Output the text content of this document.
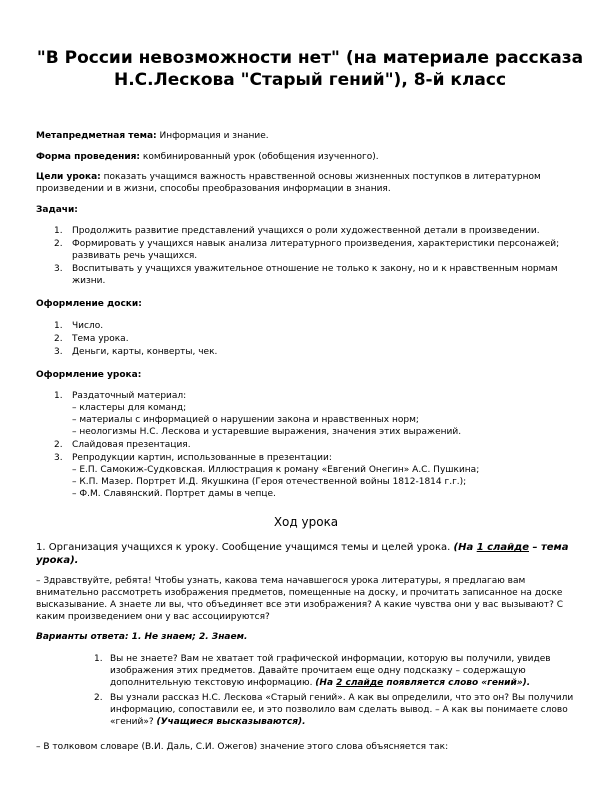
"В России невозможности нет" (на материале рассказа Н.С.Лескова "Старый гений"), 8-й класс
Метапредметная тема: Информация и знание.
Форма проведения: комбинированный урок (обобщения изученного).
Цели урока: показать учащимся важность нравственной основы жизненных поступков в литературном произведении и в жизни, способы преобразования информации в знания.
Задачи:
1. Продолжить развитие представлений учащихся о роли художественной детали в произведении.
2. Формировать у учащихся навык анализа литературного произведения, характеристики персонажей; развивать речь учащихся.
3. Воспитывать у учащихся уважительное отношение не только к закону, но и к нравственным нормам жизни.
Оформление доски:
1. Число.
2. Тема урока.
3. Деньги, карты, конверты, чек.
Оформление урока:
1. Раздаточный материал:
– кластеры для команд;
– материалы с информацией о нарушении закона и нравственных норм;
– неологизмы Н.С. Лескова и устаревшие выражения, значения этих выражений.
2. Слайдовая презентация.
3. Репродукции картин, использованные в презентации:
– Е.П. Самокиж-Судковская. Иллюстрация к роману «Евгений Онегин» А.С. Пушкина;
– К.П. Мазер. Портрет И.Д. Якушкина (Героя отечественной войны 1812-1814 г.г.);
– Ф.М. Славянский. Портрет дамы в чепце.
Ход урока
1. Организация учащихся к уроку. Сообщение учащимся темы и целей урока. (На 1 слайде – тема урока).
– Здравствуйте, ребята! Чтобы узнать, какова тема начавшегося урока литературы, я предлагаю вам внимательно рассмотреть изображения предметов, помещенные на доску, и прочитать записанное на доске высказывание. А знаете ли вы, что объединяет все эти изображения? А какие чувства они у вас вызывают? С каким произведением они у вас ассоциируются?
Варианты ответа: 1. Не знаем; 2. Знаем.
1. Вы не знаете? Вам не хватает той графической информации, которую вы получили, увидев изображения этих предметов. Давайте прочитаем еще одну подсказку – содержащую дополнительную текстовую информацию. (На 2 слайде появляется слово «гений»).
2. Вы узнали рассказ Н.С. Лескова «Старый гений». А как вы определили, что это он? Вы получили информацию, сопоставили ее, и это позволило вам сделать вывод. – А как вы понимаете слово «гений»? (Учащиеся высказываются).
– В толковом словаре (В.И. Даль, С.И. Ожегов) значение этого слова объясняется так:
